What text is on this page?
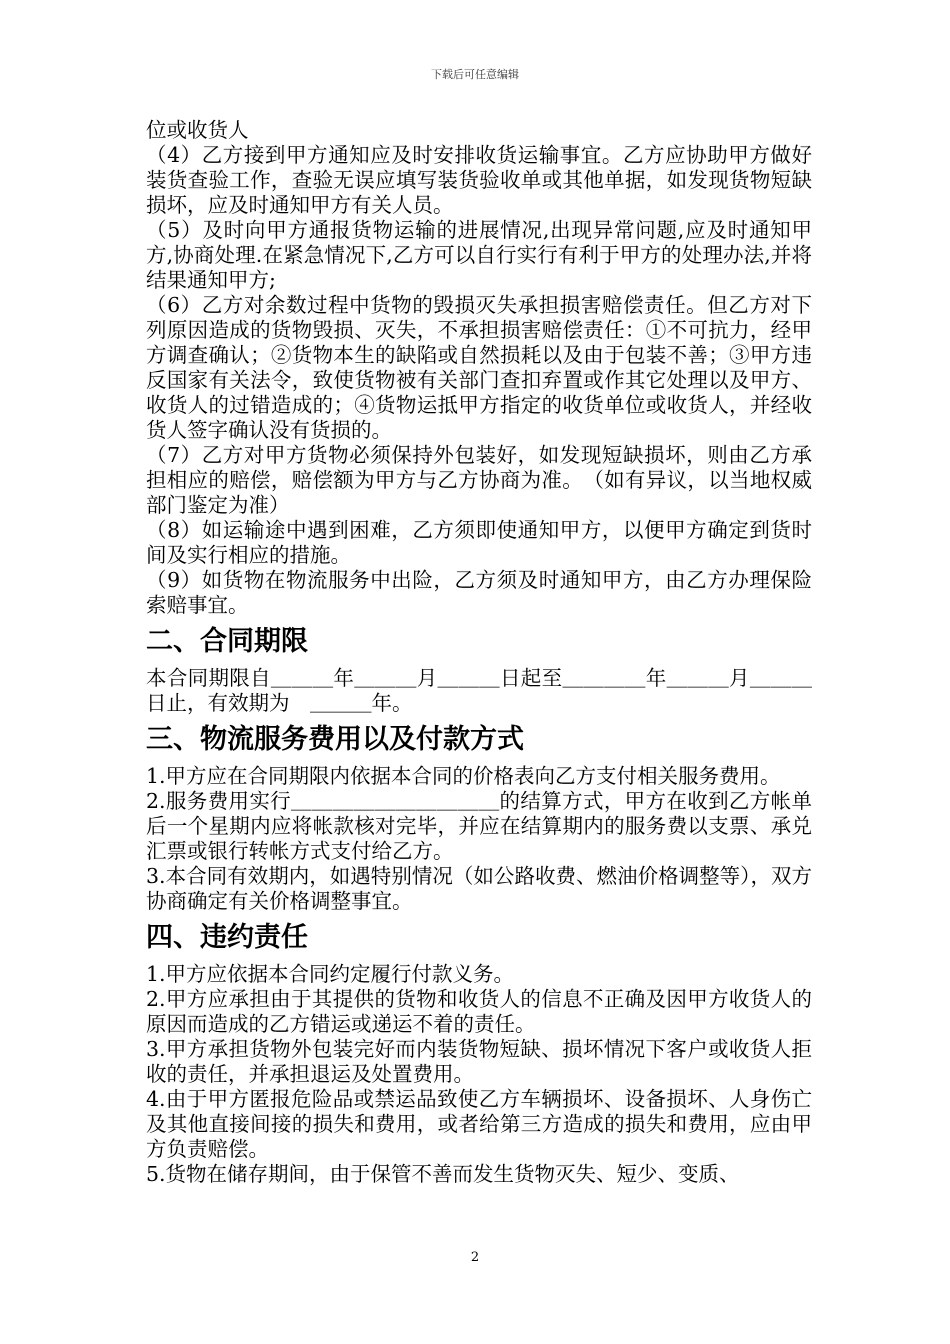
下载后可任意编辑

位或收货人

（4）乙方接到甲方通知应及时安排收货运输事宜。乙方应协助甲方做好装货查验工作，查验无误应填写装货验收单或其他单据，如发现货物短缺损坏，应及时通知甲方有关人员。

（5）及时向甲方通报货物运输的进展情况,出现异常问题,应及时通知甲方,协商处理.在紧急情况下,乙方可以自行实行有利于甲方的处理办法,并将结果通知甲方;

（6）乙方对余数过程中货物的毁损灭失承担损害赔偿责任。但乙方对下列原因造成的货物毁损、灭失，不承担损害赔偿责任：①不可抗力，经甲方调查确认；②货物本生的缺陷或自然损耗以及由于包装不善；③甲方违反国家有关法令，致使货物被有关部门查扣弃置或作其它处理以及甲方、收货人的过错造成的；④货物运抵甲方指定的收货单位或收货人，并经收货人签字确认没有货损的。

（7）乙方对甲方货物必须保持外包装好，如发现短缺损坏，则由乙方承担相应的赔偿，赔偿额为甲方与乙方协商为准。　（如有异议，以当地权威部门鉴定为准）

（8）如运输途中遇到困难，乙方须即使通知甲方，以便甲方确定到货时间及实行相应的措施。

（9）如货物在物流服务中出险，乙方须及时通知甲方，由乙方办理保险索赔事宜。

二、合同期限

本合同期限自＿＿＿年＿＿＿月＿＿＿日起至＿＿＿＿年＿＿＿月＿＿＿日止，有效期为　＿＿＿年。

三、物流服务费用以及付款方式

1.甲方应在合同期限内依据本合同的价格表向乙方支付相关服务费用。

2.服务费用实行＿＿＿＿＿＿＿＿＿＿的结算方式，甲方在收到乙方帐单后一个星期内应将帐款核对完毕，并应在结算期内的服务费以支票、承兑汇票或银行转帐方式支付给乙方。

3.本合同有效期内，如遇特别情况（如公路收费、燃油价格调整等），双方协商确定有关价格调整事宜。

四、违约责任

1.甲方应依据本合同约定履行付款义务。

2.甲方应承担由于其提供的货物和收货人的信息不正确及因甲方收货人的原因而造成的乙方错运或递运不着的责任。

3.甲方承担货物外包装完好而内装货物短缺、损坏情况下客户或收货人拒收的责任，并承担退运及处置费用。

4.由于甲方匿报危险品或禁运品致使乙方车辆损坏、设备损坏、人身伤亡及其他直接间接的损失和费用，或者给第三方造成的损失和费用，应由甲方负责赔偿。

5.货物在储存期间，由于保管不善而发生货物灭失、短少、变质、

2
